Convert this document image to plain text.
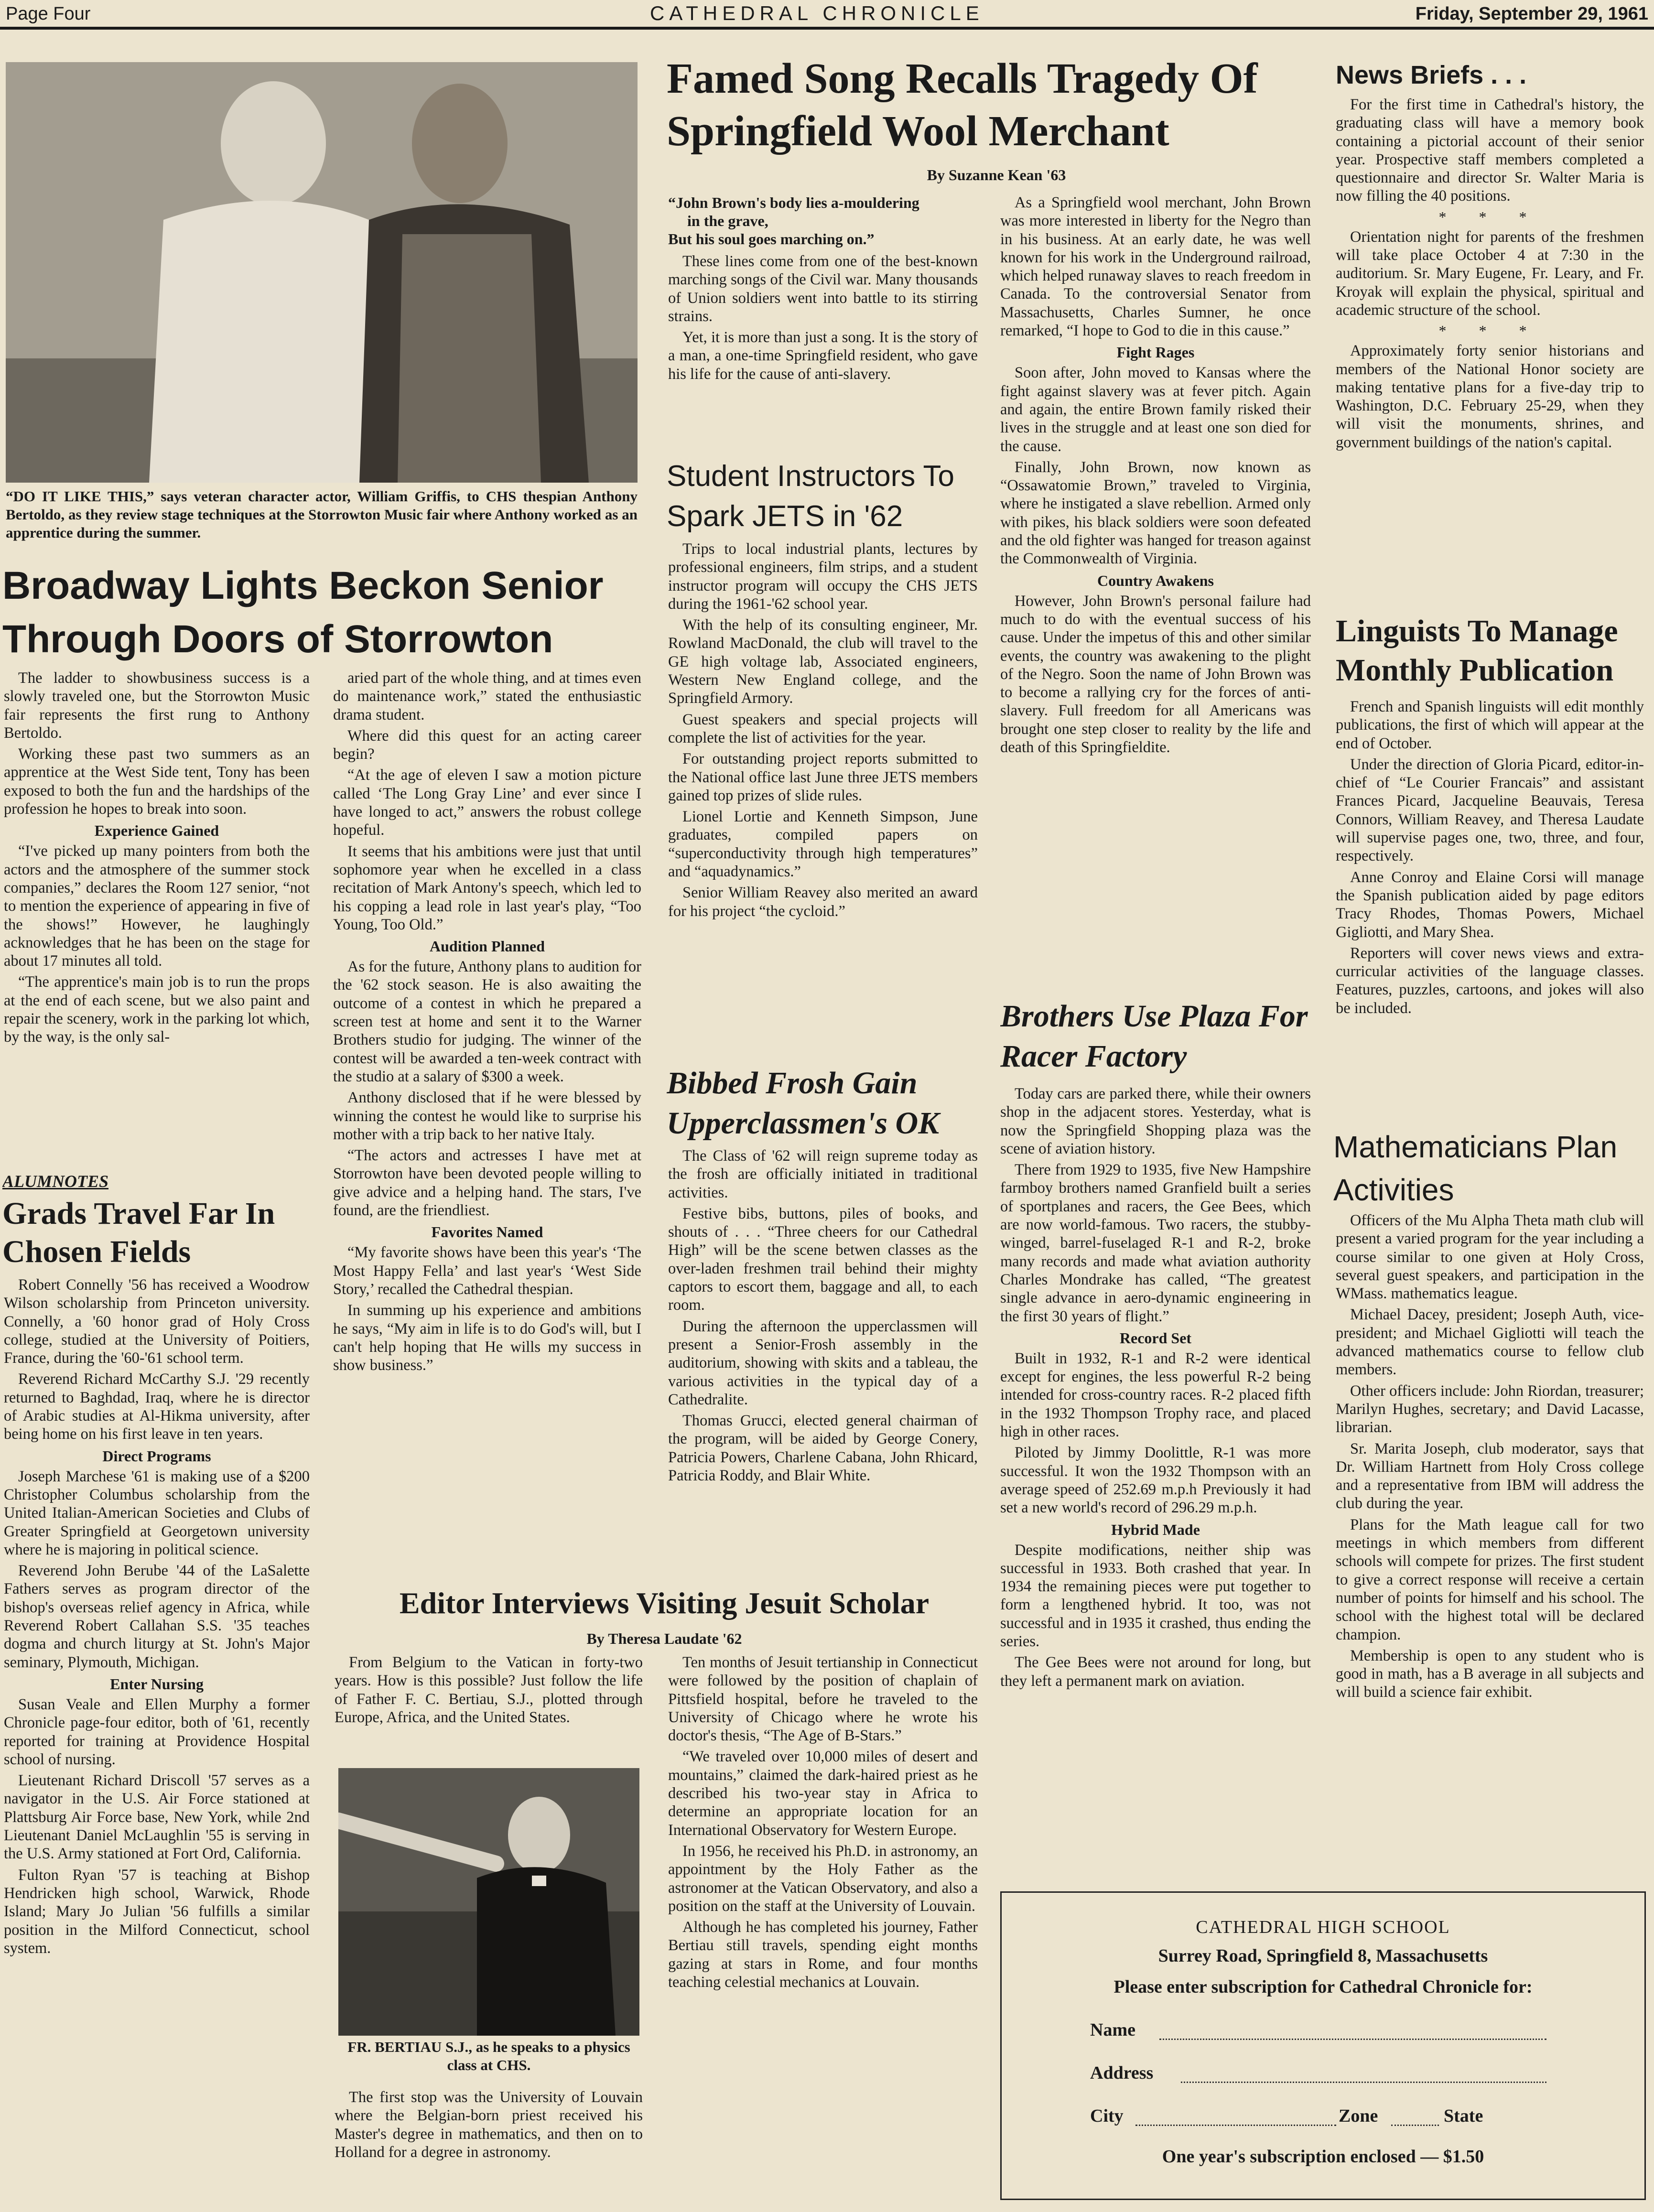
Page Four	CATHEDRAL CHRONICLE	Friday, September 29, 1961
“DO IT LIKE THIS,” says veteran character actor, William Griffis, to CHS thespian Anthony Bertoldo, as they review stage techniques at the Storrowton Music fair where Anthony worked as an apprentice during the summer.
Broadway Lights Beckon Senior Through Doors of Storrowton

The ladder to showbusiness success is a slowly traveled one, but the Storrowton Music fair represents the first rung to Anthony Bertoldo.

Working these past two summers as an apprentice at the West Side tent, Tony has been exposed to both the fun and the hardships of the profession he hopes to break into soon.

Experience Gained

“I've picked up many pointers from both the actors and the atmosphere of the summer stock companies,” declares the Room 127 senior, “not to mention the experience of appearing in five of the shows!” However, he laughingly acknowledges that he has been on the stage for about 17 minutes all told.

“The apprentice's main job is to run the props at the end of each scene, but we also paint and repair the scenery, work in the parking lot which, by the way, is the only sal-

aried part of the whole thing, and at times even do maintenance work,” stated the enthusiastic drama student.

Where did this quest for an acting career begin?

“At the age of eleven I saw a motion picture called ‘The Long Gray Line’ and ever since I have longed to act,” answers the robust college hopeful.

It seems that his ambitions were just that until sophomore year when he excelled in a class recitation of Mark Antony's speech, which led to his copping a lead role in last year's play, “Too Young, Too Old.”

Audition Planned

As for the future, Anthony plans to audition for the '62 stock season. He is also awaiting the outcome of a contest in which he prepared a screen test at home and sent it to the Warner Brothers studio for judging. The winner of the contest will be awarded a ten-week contract with the studio at a salary of $300 a week.

Anthony disclosed that if he were blessed by winning the contest he would like to surprise his mother with a trip back to her native Italy.

“The actors and actresses I have met at Storrowton have been devoted people willing to give advice and a helping hand. The stars, I've found, are the friendliest.

Favorites Named

“My favorite shows have been this year's ‘The Most Happy Fella’ and last year's ‘West Side Story,’ recalled the Cathedral thespian.

In summing up his experience and ambitions he says, “My aim in life is to do God's will, but I can't help hoping that He wills my success in show business.”

ALUMNOTES
Grads Travel Far In Chosen Fields

Robert Connelly '56 has received a Woodrow Wilson scholarship from Princeton university. Connelly, a '60 honor grad of Holy Cross college, studied at the University of Poitiers, France, during the '60-'61 school term.

Reverend Richard McCarthy S.J. '29 recently returned to Baghdad, Iraq, where he is director of Arabic studies at Al-Hikma university, after being home on his first leave in ten years.

Direct Programs

Joseph Marchese '61 is making use of a $200 Christopher Columbus scholarship from the United Italian-American Societies and Clubs of Greater Springfield at Georgetown university where he is majoring in political science.

Reverend John Berube '44 of the LaSalette Fathers serves as program director of the bishop's overseas relief agency in Africa, while Reverend Robert Callahan S.S. '35 teaches dogma and church liturgy at St. John's Major seminary, Plymouth, Michigan.

Enter Nursing

Susan Veale and Ellen Murphy a former Chronicle page-four editor, both of '61, recently reported for training at Providence Hospital school of nursing.

Lieutenant Richard Driscoll '57 serves as a navigator in the U.S. Air Force stationed at Plattsburg Air Force base, New York, while 2nd Lieutenant Daniel McLaughlin '55 is serving in the U.S. Army stationed at Fort Ord, California.

Fulton Ryan '57 is teaching at Bishop Hendricken high school, Warwick, Rhode Island; Mary Jo Julian '56 fulfills a similar position in the Milford Connecticut, school system.

Famed Song Recalls Tragedy Of Springfield Wool Merchant
By Suzanne Kean '63
“John Brown's body lies a-mouldering
in the grave,
But his soul goes marching on.”

These lines come from one of the best-known marching songs of the Civil war. Many thousands of Union soldiers went into battle to its stirring strains.

Yet, it is more than just a song. It is the story of a man, a one-time Springfield resident, who gave his life for the cause of anti-slavery.

As a Springfield wool merchant, John Brown was more interested in liberty for the Negro than in his business. At an early date, he was well known for his work in the Underground railroad, which helped runaway slaves to reach freedom in Canada. To the controversial Senator from Massachusetts, Charles Sumner, he once remarked, “I hope to God to die in this cause.”

Fight Rages

Soon after, John moved to Kansas where the fight against slavery was at fever pitch. Again and again, the entire Brown family risked their lives in the struggle and at least one son died for the cause.

Finally, John Brown, now known as “Ossawatomie Brown,” traveled to Virginia, where he instigated a slave rebellion. Armed only with pikes, his black soldiers were soon defeated and the old fighter was hanged for treason against the Commonwealth of Virginia.

Country Awakens

However, John Brown's personal failure had much to do with the eventual success of his cause. Under the impetus of this and other similar events, the country was awakening to the plight of the Negro. Soon the name of John Brown was to become a rallying cry for the forces of anti-slavery. Full freedom for all Americans was brought one step closer to reality by the life and death of this Springfieldite.

Student Instructors To Spark JETS in '62

Trips to local industrial plants, lectures by professional engineers, film strips, and a student instructor program will occupy the CHS JETS during the 1961-'62 school year.

With the help of its consulting engineer, Mr. Rowland MacDonald, the club will travel to the GE high voltage lab, Associated engineers, Western New England college, and the Springfield Armory.

Guest speakers and special projects will complete the list of activities for the year.

For outstanding project reports submitted to the National office last June three JETS members gained top prizes of slide rules.

Lionel Lortie and Kenneth Simpson, June graduates, compiled papers on “superconductivity through high temperatures” and “aquadynamics.”

Senior William Reavey also merited an award for his project “the cycloid.”

Bibbed Frosh Gain Upperclassmen's OK

The Class of '62 will reign supreme today as the frosh are officially initiated in traditional activities.

Festive bibs, buttons, piles of books, and shouts of . . . “Three cheers for our Cathedral High” will be the scene betwen classes as the over-laden freshmen trail behind their mighty captors to escort them, baggage and all, to each room.

During the afternoon the upperclassmen will present a Senior-Frosh assembly in the auditorium, showing with skits and a tableau, the various activities in the typical day of a Cathedralite.

Thomas Grucci, elected general chairman of the program, will be aided by George Conery, Patricia Powers, Charlene Cabana, John Rhicard, Patricia Roddy, and Blair White.

Brothers Use Plaza For Racer Factory

Today cars are parked there, while their owners shop in the adjacent stores. Yesterday, what is now the Springfield Shopping plaza was the scene of aviation history.

There from 1929 to 1935, five New Hampshire farmboy brothers named Granfield built a series of sportplanes and racers, the Gee Bees, which are now world-famous. Two racers, the stubby-winged, barrel-fuselaged R-1 and R-2, broke many records and made what aviation authority Charles Mondrake has called, “The greatest single advance in aero-dynamic engineering in the first 30 years of flight.”

Record Set

Built in 1932, R-1 and R-2 were identical except for engines, the less powerful R-2 being intended for cross-country races. R-2 placed fifth in the 1932 Thompson Trophy race, and placed high in other races.

Piloted by Jimmy Doolittle, R-1 was more successful. It won the 1932 Thompson with an average speed of 252.69 m.p.h Previously it had set a new world's record of 296.29 m.p.h.

Hybrid Made

Despite modifications, neither ship was successful in 1933. Both crashed that year. In 1934 the remaining pieces were put together to form a lengthened hybrid. It too, was not successful and in 1935 it crashed, thus ending the series.

The Gee Bees were not around for long, but they left a permanent mark on aviation.

Editor Interviews Visiting Jesuit Scholar
By Theresa Laudate '62

From Belgium to the Vatican in forty-two years. How is this possible? Just follow the life of Father F. C. Bertiau, S.J., plotted through Europe, Africa, and the United States.

FR. BERTIAU S.J., as he speaks to a physics class at CHS.

The first stop was the University of Louvain where the Belgian-born priest received his Master's degree in mathematics, and then on to Holland for a degree in astronomy.

Ten months of Jesuit tertianship in Connecticut were followed by the position of chaplain of Pittsfield hospital, before he traveled to the University of Chicago where he wrote his doctor's thesis, “The Age of B-Stars.”

“We traveled over 10,000 miles of desert and mountains,” claimed the dark-haired priest as he described his two-year stay in Africa to determine an appropriate location for an International Observatory for Western Europe.

In 1956, he received his Ph.D. in astronomy, an appointment by the Holy Father as the astronomer at the Vatican Observatory, and also a position on the staff at the University of Louvain.

Although he has completed his journey, Father Bertiau still travels, spending eight months gazing at stars in Rome, and four months teaching celestial mechanics at Louvain.

News Briefs . . .

For the first time in Cathedral's history, the graduating class will have a memory book containing a pictorial account of their senior year. Prospective staff members completed a questionnaire and director Sr. Walter Maria is now filling the 40 positions.

* * *

Orientation night for parents of the freshmen will take place October 4 at 7:30 in the auditorium. Sr. Mary Eugene, Fr. Leary, and Fr. Kroyak will explain the physical, spiritual and academic structure of the school.

* * *

Approximately forty senior historians and members of the National Honor society are making tentative plans for a five-day trip to Washington, D.C. February 25-29, when they will visit the monuments, shrines, and government buildings of the nation's capital.

Linguists To Manage Monthly Publication

French and Spanish linguists will edit monthly publications, the first of which will appear at the end of October.

Under the direction of Gloria Picard, editor-in-chief of “Le Courier Francais” and assistant Frances Picard, Jacqueline Beauvais, Teresa Connors, William Reavey, and Theresa Laudate will supervise pages one, two, three, and four, respectively.

Anne Conroy and Elaine Corsi will manage the Spanish publication aided by page editors Tracy Rhodes, Thomas Powers, Michael Gigliotti, and Mary Shea.

Reporters will cover news views and extra-curricular activities of the language classes. Features, puzzles, cartoons, and jokes will also be included.

Mathematicians Plan Activities

Officers of the Mu Alpha Theta math club will present a varied program for the year including a course similar to one given at Holy Cross, several guest speakers, and participation in the WMass. mathematics league.

Michael Dacey, president; Joseph Auth, vice-president; and Michael Gigliotti will teach the advanced mathematics course to fellow club members.

Other officers include: John Riordan, treasurer; Marilyn Hughes, secretary; and David Lacasse, librarian.

Sr. Marita Joseph, club moderator, says that Dr. William Hartnett from Holy Cross college and a representative from IBM will address the club during the year.

Plans for the Math league call for two meetings in which members from different schools will compete for prizes. The first student to give a correct response will receive a certain number of points for himself and his school. The school with the highest total will be declared champion.

Membership is open to any student who is good in math, has a B average in all subjects and will build a science fair exhibit.

CATHEDRAL HIGH SCHOOL
Surrey Road, Springfield 8, Massachusetts
Please enter subscription for Cathedral Chronicle for:
Name
Address
City	Zone	State
One year's subscription enclosed — $1.50
